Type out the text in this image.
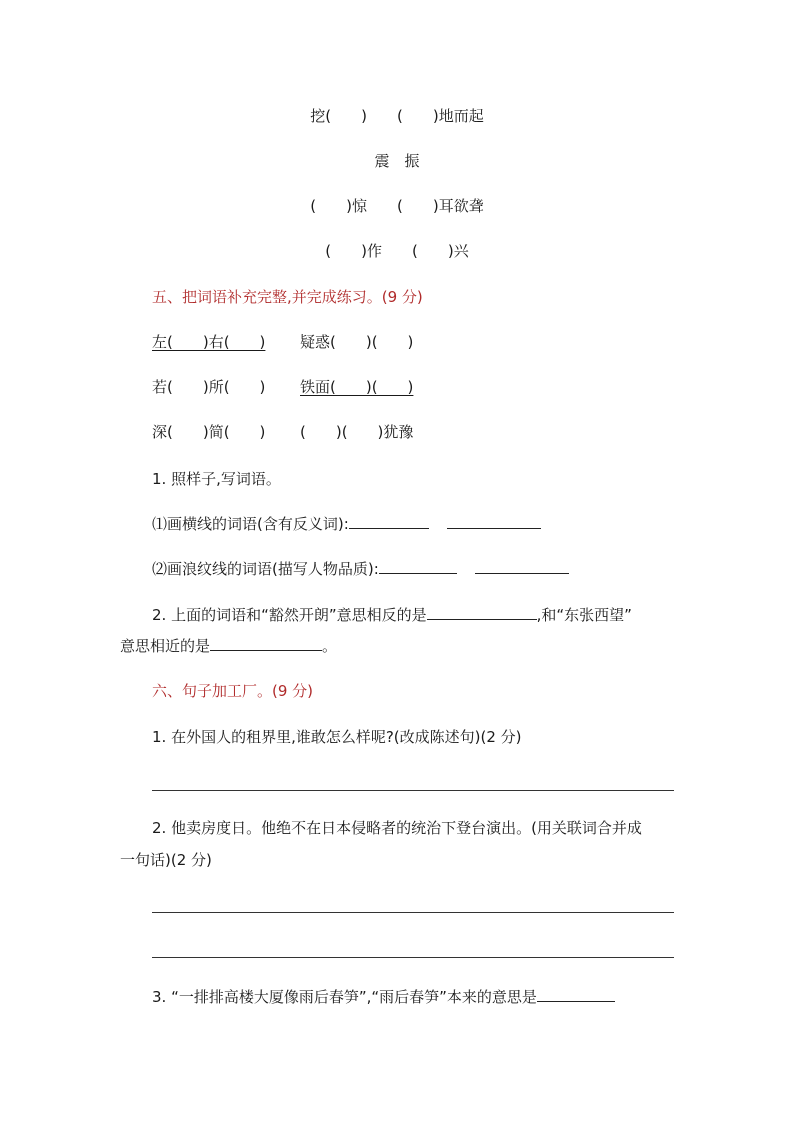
挖(　　)　　(　　)地而起
震　振
(　　)惊　　(　　)耳欲聋
(　　)作　　(　　)兴
五、把词语补充完整,并完成练习。(9 分)
左(　　)右(　　) 疑惑(　　)(　　)
若(　　)所(　　) 铁面(　　)(　　)
深(　　)简(　　) (　　)(　　)犹豫
1. 照样子,写词语。
⑴画横线的词语(含有反义词):
⑵画浪纹线的词语(描写人物品质):
2. 上面的词语和“豁然开朗”意思相反的是	,和“东张西望”
意思相近的是	。
六、句子加工厂。(9 分)
1. 在外国人的租界里,谁敢怎么样呢?(改成陈述句)(2 分)
2. 他卖房度日。他绝不在日本侵略者的统治下登台演出。(用关联词合并成
一句话)(2 分)
3. “一排排高楼大厦像雨后春笋”,“雨后春笋”本来的意思是
